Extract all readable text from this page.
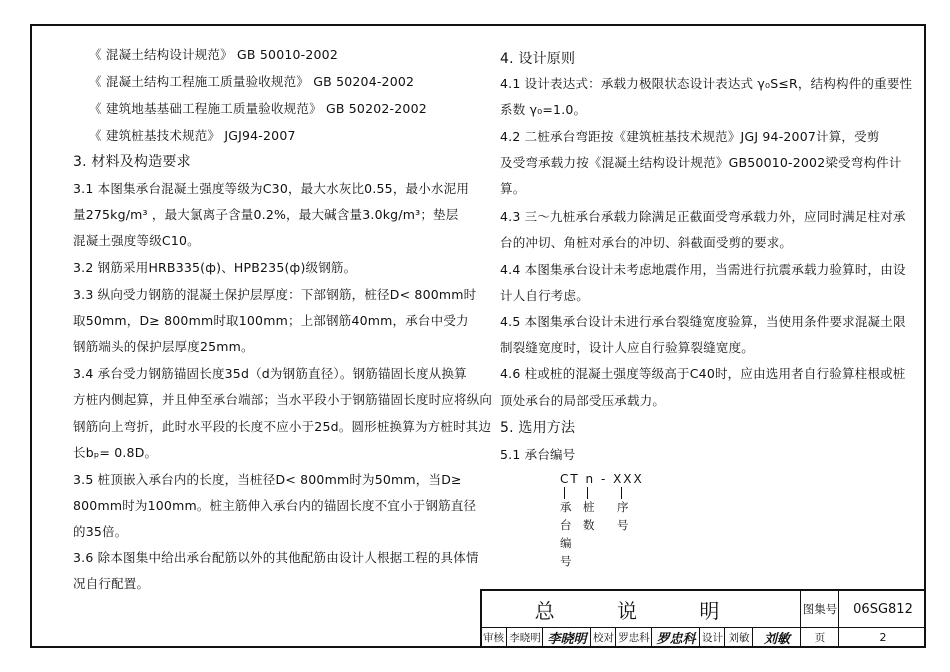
《 混凝土结构设计规范》 GB 50010-2002
《 混凝土结构工程施工质量验收规范》 GB 50204-2002
《 建筑地基基础工程施工质量验收规范》 GB 50202-2002
《 建筑桩基技术规范》 JGJ94-2007
3. 材料及构造要求
3.1 本图集承台混凝土强度等级为C30，最大水灰比0.55，最小水泥用
量275kg/m³ ，最大氯离子含量0.2%，最大碱含量3.0kg/m³；垫层
混凝土强度等级C10。
3.2 钢筋采用HRB335(ф)、HPB235(ф)级钢筋。
3.3 纵向受力钢筋的混凝土保护层厚度：下部钢筋，桩径D< 800mm时
取50mm，D≥ 800mm时取100mm；上部钢筋40mm，承台中受力
钢筋端头的保护层厚度25mm。
3.4 承台受力钢筋锚固长度35d（d为钢筋直径）。钢筋锚固长度从换算
方桩内侧起算，并且伸至承台端部；当水平段小于钢筋锚固长度时应将纵向
钢筋向上弯折，此时水平段的长度不应小于25d。圆形桩换算为方桩时其边
长bₚ= 0.8D。
3.5 桩顶嵌入承台内的长度，当桩径D< 800mm时为50mm，当D≥
800mm时为100mm。桩主筋伸入承台内的锚固长度不宜小于钢筋直径
的35倍。
3.6 除本图集中给出承台配筋以外的其他配筋由设计人根据工程的具体情
况自行配置。
4. 设计原则
4.1 设计表达式：承载力极限状态设计表达式 γ₀S≤R，结构构件的重要性
系数 γ₀=1.0。
4.2 二桩承台弯距按《建筑桩基技术规范》JGJ 94-2007计算，受剪
及受弯承载力按《混凝土结构设计规范》GB50010-2002梁受弯构件计
算。
4.3 三～九桩承台承载力除满足正截面受弯承载力外，应同时满足柱对承
台的冲切、角桩对承台的冲切、斜截面受剪的要求。
4.4 本图集承台设计未考虑地震作用，当需进行抗震承载力验算时，由设
计人自行考虑。
4.5 本图集承台设计未进行承台裂缝宽度验算，当使用条件要求混凝土限
制裂缝宽度时，设计人应自行验算裂缝宽度。
4.6 柱或桩的混凝土强度等级高于C40时，应由选用者自行验算柱根或桩
顶处承台的局部受压承载力。
5. 选用方法
5.1 承台编号
CT n - XXX
承
台
编
号
桩
数
序
号
总 说 明	图集号	06SG812
审核 李晓明 李晓明 校对 罗忠科 罗忠科 设计 刘敏	刘敏	页	2
